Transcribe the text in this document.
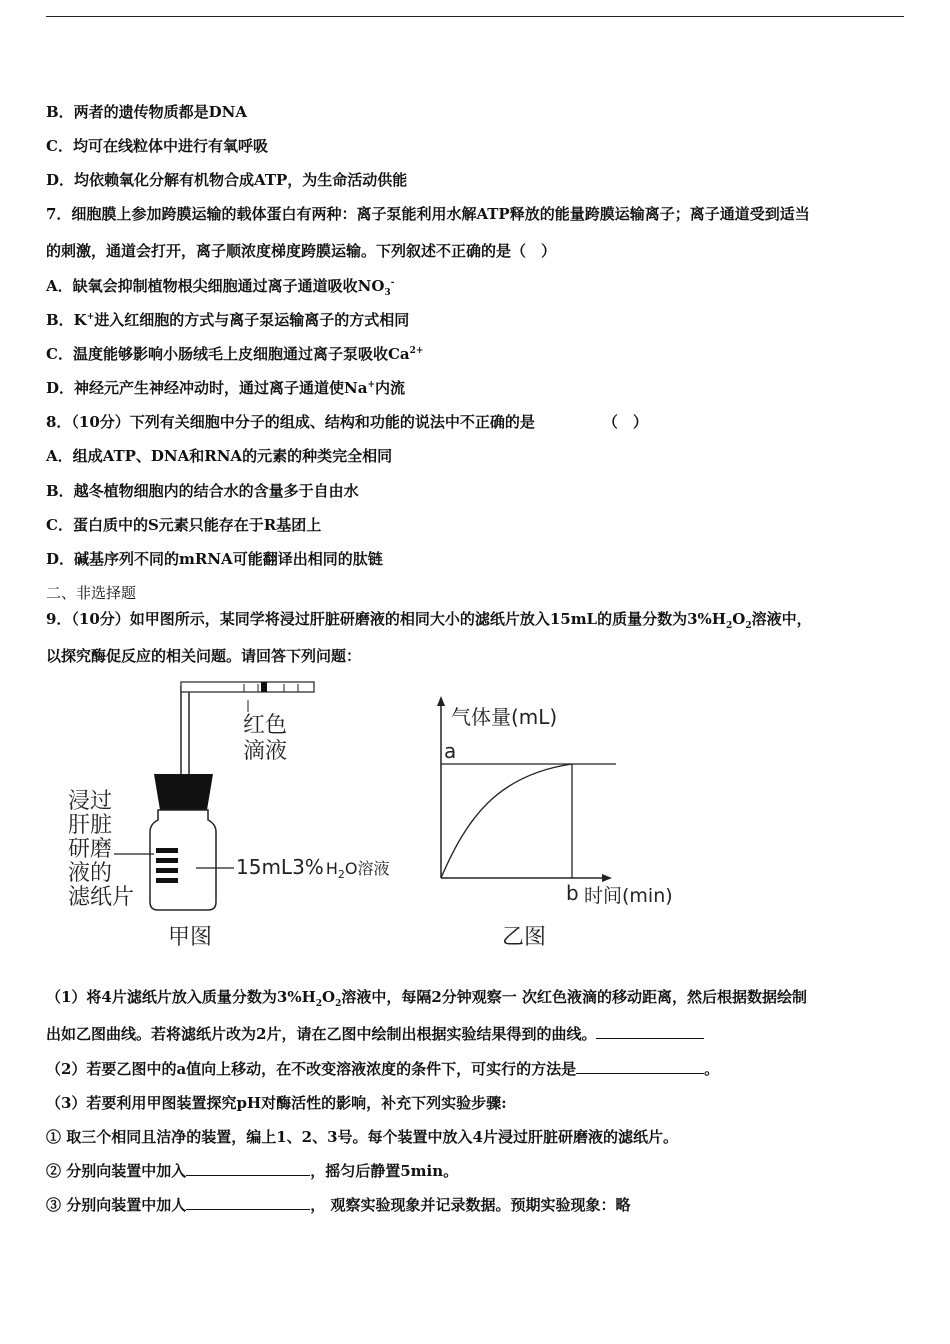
B．两者的遗传物质都是DNA
C．均可在线粒体中进行有氧呼吸
D．均依赖氧化分解有机物合成ATP，为生命活动供能
7．细胞膜上参加跨膜运输的载体蛋白有两种：离子泵能利用水解ATP释放的能量跨膜运输离子；离子通道受到适当
的刺激，通道会打开，离子顺浓度梯度跨膜运输。下列叙述不正确的是（　）
A．缺氧会抑制植物根尖细胞通过离子通道吸收$NO_3^-$
B．K+进入红细胞的方式与离子泵运输离子的方式相同
C．温度能够影响小肠绒毛上皮细胞通过离子泵吸收$Ca^{2+}$
D．神经元产生神经冲动时，通过离子通道使Na+内流
8．（10分）下列有关细胞中分子的组成、结构和功能的说法中不正确的是	（　）
A．组成ATP、DNA和RNA的元素的种类完全相同
B．越冬植物细胞内的结合水的含量多于自由水
C．蛋白质中的S元素只能存在于R基团上
D．碱基序列不同的mRNA可能翻译出相同的肽链
二、非选择题
9．（10分）如甲图所示，某同学将浸过肝脏研磨液的相同大小的滤纸片放入15mL的质量分数为$3\%H_2O_2$溶液中，
以探究酶促反应的相关问题。请回答下列问题：
红色
滴液
浸过
肝脏
研磨
液的
滤纸片
15mL3% $H_2^{O溶液}$
甲图
气体量(mL)
a
b 时间(min)
乙图
（1）将4片滤纸片放入质量分数为$3\%H_2O_2$溶液中，每隔2分钟观察一 次红色液滴的移动距离，然后根据数据绘制
出如乙图曲线。若将滤纸片改为2片，请在乙图中绘制出根据实验结果得到的曲线。
（2）若要乙图中的a值向上移动，在不改变溶液浓度的条件下，可实行的方法是	。
（3）若要利用甲图装置探究pH对酶活性的影响，补充下列实验步骤:
① 取三个相同且洁净的装置，编上1、2、3号。每个装置中放入4片浸过肝脏研磨液的滤纸片。
② 分别向装置中加入	，摇匀后静置5min。
③ 分别向装置中加人	， 观察实验现象并记录数据。预期实验现象：略
